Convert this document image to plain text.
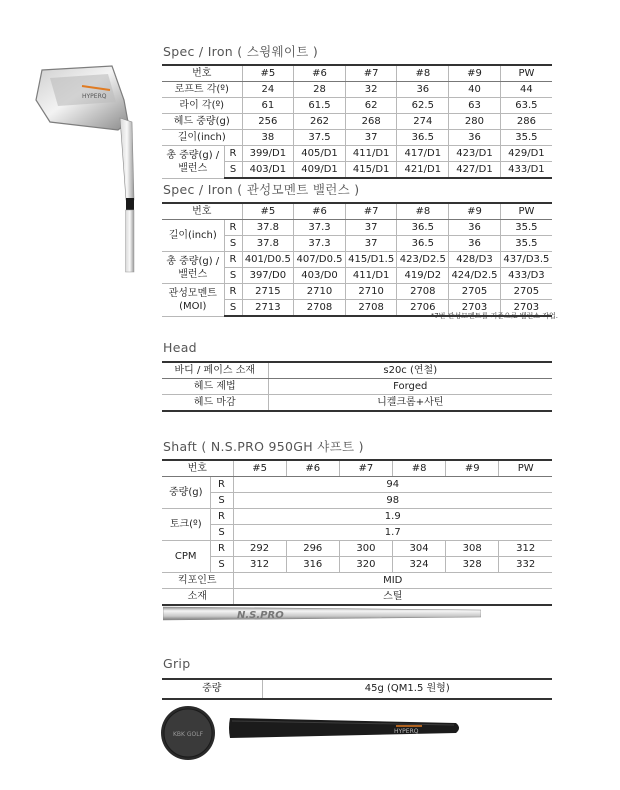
HYPERQ
Spec / Iron ( 스윙웨이트 )
번호		#5	#6	#7	#8	#9	PW
로프트 각(º)		24	28	32	36	40	44
라이 각(º)		61	61.5	62	62.5	63	63.5
헤드 중량(g)		256	262	268	274	280	286
길이(inch)		38	37.5	37	36.5	36	35.5
총 중량(g) /
밸런스	R	399/D1	405/D1	411/D1	417/D1	423/D1	429/D1
	S	403/D1	409/D1	415/D1	421/D1	427/D1	433/D1
Spec / Iron ( 관성모멘트 밸런스 )
번호		#5	#6	#7	#8	#9	PW
길이(inch)	R	37.8	37.3	37	36.5	36	35.5
	S	37.8	37.3	37	36.5	36	35.5
총 중량(g) /
밸런스	R	401/D0.5	407/D0.5	415/D1.5	423/D2.5	428/D3	437/D3.5
	S	397/D0	403/D0	411/D1	419/D2	424/D2.5	433/D3
관성모멘트
(MOI)	R	2715	2710	2710	2708	2705	2705
	S	2713	2708	2708	2706	2703	2703
*7번 관성모멘트를 기준으로 밸런스 작업.
Head
바디 / 페이스 소재	s20c (연철)
헤드 제법	Forged
헤드 마감	니켈크롬+사틴
Shaft ( N.S.PRO 950GH 샤프트 )
번호		#5	#6	#7	#8	#9	PW
중량(g)	R	94					
	S	98					
토크(º)	R	1.9					
	S	1.7					
CPM	R	292	296	300	304	308	312
	S	312	316	320	324	328	332
킥포인트		MID					
소재		스틸					
N.S.PRO
Grip
중량	45g (QM1.5 원형)
KBK GOLF	HYPERQ
